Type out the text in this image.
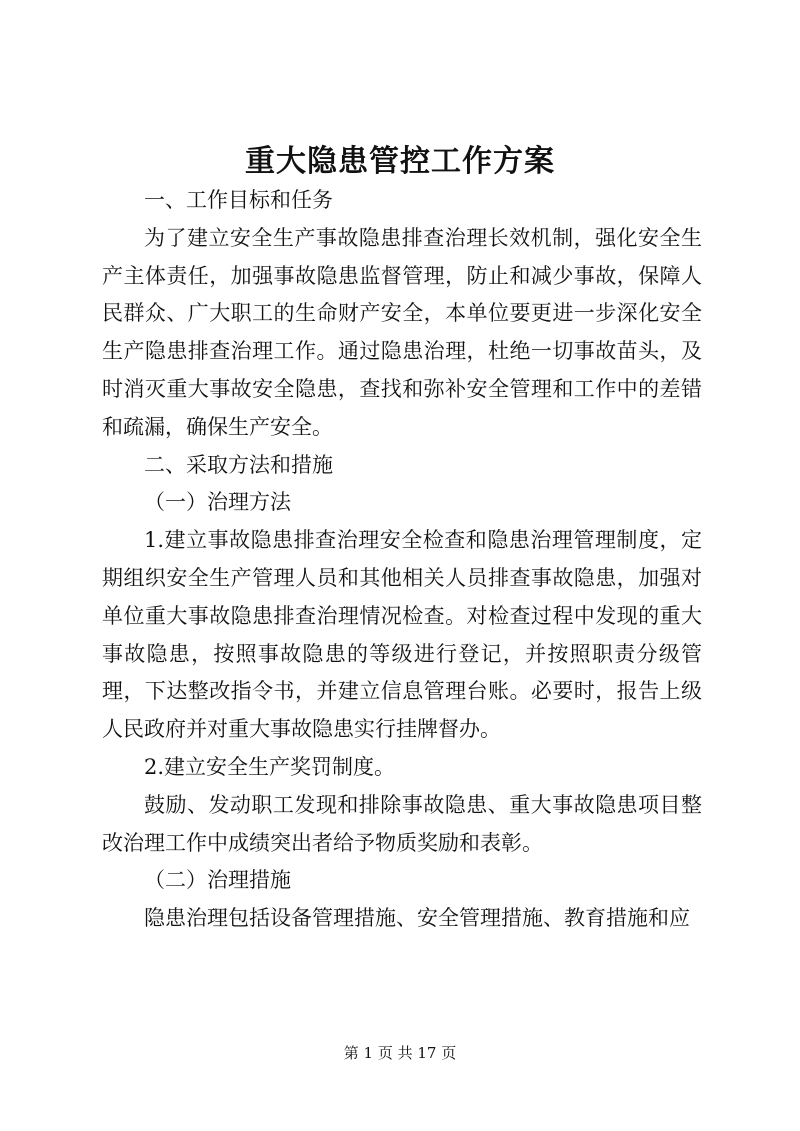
重大隐患管控工作方案

一、工作目标和任务

为了建立安全生产事故隐患排查治理长效机制，强化安全生产主体责任，加强事故隐患监督管理，防止和减少事故，保障人民群众、广大职工的生命财产安全，本单位要更进一步深化安全生产隐患排查治理工作。通过隐患治理，杜绝一切事故苗头，及时消灭重大事故安全隐患，查找和弥补安全管理和工作中的差错和疏漏，确保生产安全。

二、采取方法和措施

（一）治理方法

1.建立事故隐患排查治理安全检查和隐患治理管理制度，定期组织安全生产管理人员和其他相关人员排查事故隐患，加强对单位重大事故隐患排查治理情况检查。对检查过程中发现的重大事故隐患，按照事故隐患的等级进行登记，并按照职责分级管理，下达整改指令书，并建立信息管理台账。必要时，报告上级人民政府并对重大事故隐患实行挂牌督办。

2.建立安全生产奖罚制度。

鼓励、发动职工发现和排除事故隐患、重大事故隐患项目整改治理工作中成绩突出者给予物质奖励和表彰。

（二）治理措施

隐患治理包括设备管理措施、安全管理措施、教育措施和应

第 1 页 共 17 页
